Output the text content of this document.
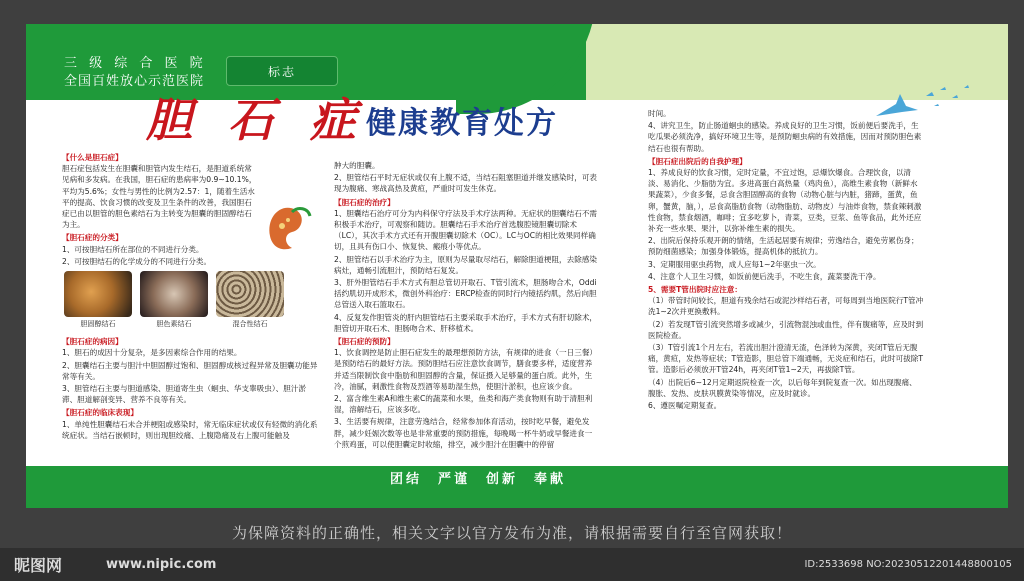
三 级 综 合 医 院
全国百姓放心示范医院
标志
胆 石 症 健康教育处方
【什么是胆石症】
胆石症包括发生在胆囊和胆管内发生结石，是胆道系统常见病和多发病。在我国，胆石症的患病率为0.9~10.1%，平均为5.6%；女性与男性的比例为2.57：1，随着生活水平的提高、饮食习惯的改变及卫生条件的改善，我国胆石症已由以胆管的胆色素结石为主转变为胆囊的胆固醇结石为主。
【胆石症的分类】
1、可按胆结石所在部位的不同进行分类。
2、可按胆结石的化学成分的不同进行分类。
胆固醇结石	胆色素结石	混合性结石
【胆石症的病因】
1、胆石的成因十分复杂，是多因素综合作用的结果。
2、胆囊结石主要与胆汁中胆固醇过饱和、胆固醇成核过程异常及胆囊功能异常等有关。
3、胆管结石主要与胆道感染、胆道寄生虫（蛔虫、华支睾吸虫）、胆汁淤滞、胆道解剖变异、营养不良等有关。
【胆石症的临床表现】
1、单纯性胆囊结石未合并梗阻或感染时，常无临床症状或仅有轻微的消化系统症状。当结石嵌顿时，则出现胆绞痛、上腹隐痛及右上腹可能触及
肿大的胆囊。
2、胆管结石平时无症状或仅有上腹不适，当结石阻塞胆道并继发感染时，可表现为腹痛、寒战高热及黄疸，严重时可发生休克。
【胆石症的治疗】
1、胆囊结石治疗可分为内科保守疗法及手术疗法两种。无症状的胆囊结石不需积极手术治疗，可观察和随访。胆囊结石手术治疗首选腹腔镜胆囊切除术（LC），其次手术方式还有开腹胆囊切除术（OC）。LC与OC的相比效果同样确切，且具有伤口小、恢复快、瘢痕小等优点。
2、胆管结石以手术治疗为主，原则为尽量取尽结石，解除胆道梗阻，去除感染病灶，通畅引流胆汁，预防结石复发。
3、肝外胆管结石手术方式有胆总管切开取石、T管引流术，胆肠吻合术，Oddi括约肌切开成形术，微创外科治疗：ERCP检查的同时行内镜括约肌，然后向胆总管送入取石篮取石。
4、反复发作胆管炎的肝内胆管结石主要采取手术治疗，手术方式有肝切除术，胆管切开取石术、胆肠吻合术、肝移植术。
【胆石症的预防】
1、饮食调控是防止胆石症发生的最理想预防方法，有规律的进食（一日三餐）是预防结石的最好方法。预防胆结石应注意饮食调节，膳食要多样，适度营养并适当限制饮食中脂肪和胆固醇的含量，保证摄入足够量的蛋白质。此外，生冷，油腻，刺激性食物及烈酒等易助湿生热，使胆汁淤积，也应该少食。
2、富含维生素A和维生素C的蔬菜和水果，鱼类和海产类食物则有助于清胆利湿，溶解结石，应该多吃。
3、生活要有规律，注意劳逸结合，经常参加体育活动，按时吃早餐，避免发胖，减少妊娠次数等也是非常重要的预防措施，每晚喝一杯牛奶或早餐进食一个煎鸡蛋，可以使胆囊定时收缩，排空，减少胆汁在胆囊中的停留
时间。
4、讲究卫生，防止肠道蛔虫的感染。养成良好的卫生习惯，饭前便后要洗手，生吃瓜果必须洗净，搞好环境卫生等，是预防蛔虫病的有效措施，因而对预防胆色素结石也很有帮助。
【胆石症出院后的自我护理】
1、养成良好的饮食习惯，定时定量，不宜过饱，忌爆饮爆食。合理饮食，以清淡、易消化、少脂肪为宜。多进高蛋白高热量（鸡肉鱼），高维生素食物（新鲜水果蔬菜），少食多餐，忌食含胆固醇高的食物（动物心脏与内脏，猪蹄，蛋黄，鱼卵，蟹黄，脑，），忌食高脂肪食物（动物脂肪、动物皮）与油炸食物，禁食辣刺激性食物，禁食烟酒，咖啡；宜多吃萝卜，青菜，豆类，豆浆、鱼等食品，此外还应补充一些水果、果汁，以弥补维生素的损失。
2、出院后保持乐观开朗的情绪，生活起居要有规律；劳逸结合，避免劳累伤身；预防细菌感染；加强身体锻炼，提高机体的抵抗力。
3、定期服用驱虫药物，成人应每1~2年驱虫一次。
4、注意个人卫生习惯，如饭前便后洗手，不吃生食，蔬菜要洗干净。
5、需要T管出院时应注意：
（1）带管时间较长，胆道有残余结石或泥沙样结石者，可每周到当地医院行T管冲洗1~2次并更换敷料。
（2）若发现T管引流突然增多或减少，引流物混浊或血性，伴有腹痛等，应及时到医院检查。
（3）T管引流1个月左右，若流出胆汁澄清无渣，色泽转为深黄，夹闭T管后无腹痛，黄疸，发热等症状；T管造影，胆总管下端通畅，无炎症和结石，此时可拔除T管。造影后必须放开T管24h，再夹闭T管1~2天，再拔除T管。
（4）出院后6~12月定期返院检查一次，以后每年到院复查一次。如出现腹痛、腹胀、发热、皮肤巩膜黄染等情况，应及时就诊。
6、遵医嘱定期复查。
团结　严谨　创新　奉献
为保障资料的正确性，相关文字以官方发布为准，请根据需要自行至官网获取！
昵图网	www.nipic.com	ID:2533698 NO:20230512201448800105
